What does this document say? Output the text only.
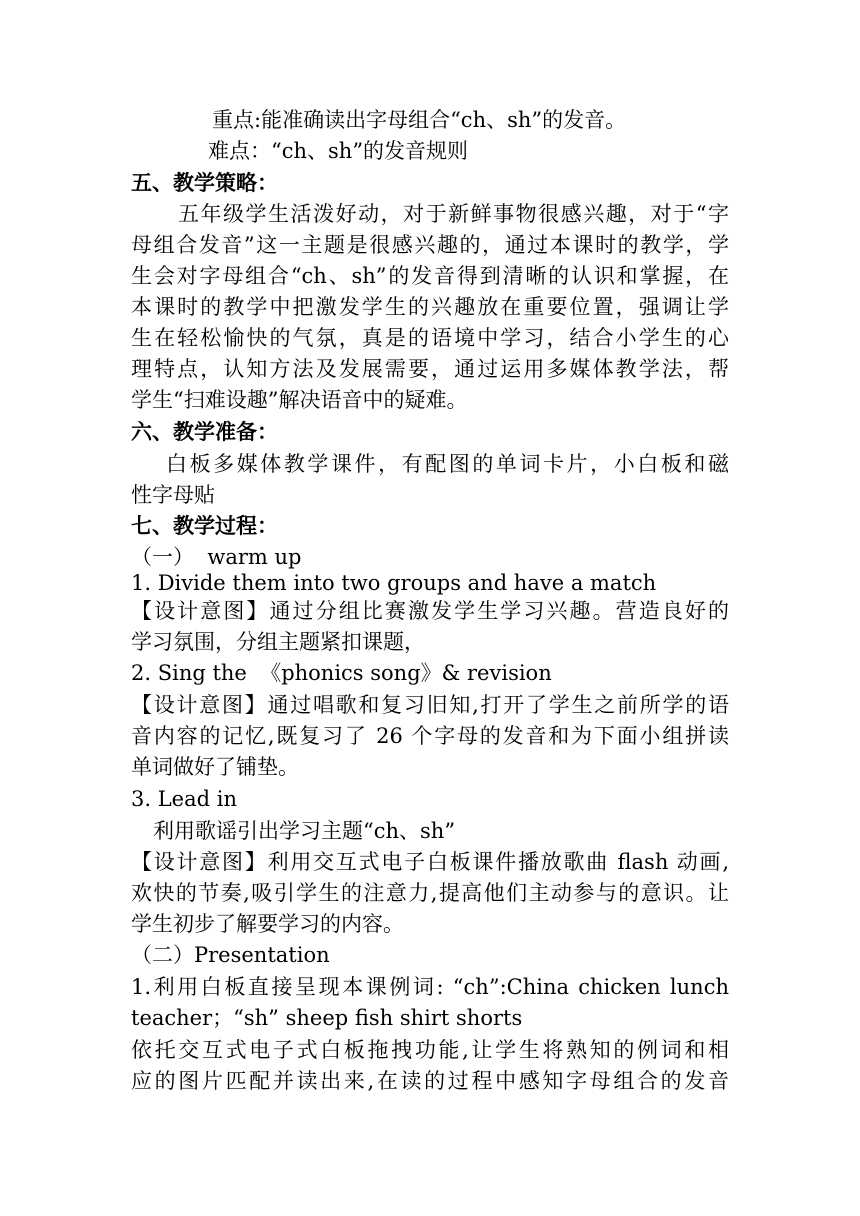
重点:能准确读出字母组合“ch、sh”的发音。
难点：“ch、sh”的发音规则
五、教学策略：
五年级学生活泼好动，对于新鲜事物很感兴趣，对于“字
母组合发音”这一主题是很感兴趣的，通过本课时的教学，学
生会对字母组合“ch、sh”的发音得到清晰的认识和掌握，在
本课时的教学中把激发学生的兴趣放在重要位置，强调让学
生在轻松愉快的气氛，真是的语境中学习，结合小学生的心
理特点，认知方法及发展需要，通过运用多媒体教学法，帮
学生“扫难设趣”解决语音中的疑难。
六、教学准备：
白板多媒体教学课件，有配图的单词卡片，小白板和磁
性字母贴
七、教学过程：
（一）  warm up
1. Divide them into two groups and have a match
【设计意图】通过分组比赛激发学生学习兴趣。营造良好的
学习氛围，分组主题紧扣课题，
2. Sing the  《phonics song》& revision
【设计意图】通过唱歌和复习旧知,打开了学生之前所学的语
音内容的记忆,既复习了 26 个字母的发音和为下面小组拼读
单词做好了铺垫。
3. Lead in
利用歌谣引出学习主题“ch、sh”
【设计意图】利用交互式电子白板课件播放歌曲 flash 动画,
欢快的节奏,吸引学生的注意力,提高他们主动参与的意识。让
学生初步了解要学习的内容。
（二）Presentation
1.利用白板直接呈现本课例词: “ch”:China chicken lunch
teacher；“sh” sheep fish shirt shorts
依托交互式电子式白板拖拽功能,让学生将熟知的例词和相
应的图片匹配并读出来,在读的过程中感知字母组合的发音
